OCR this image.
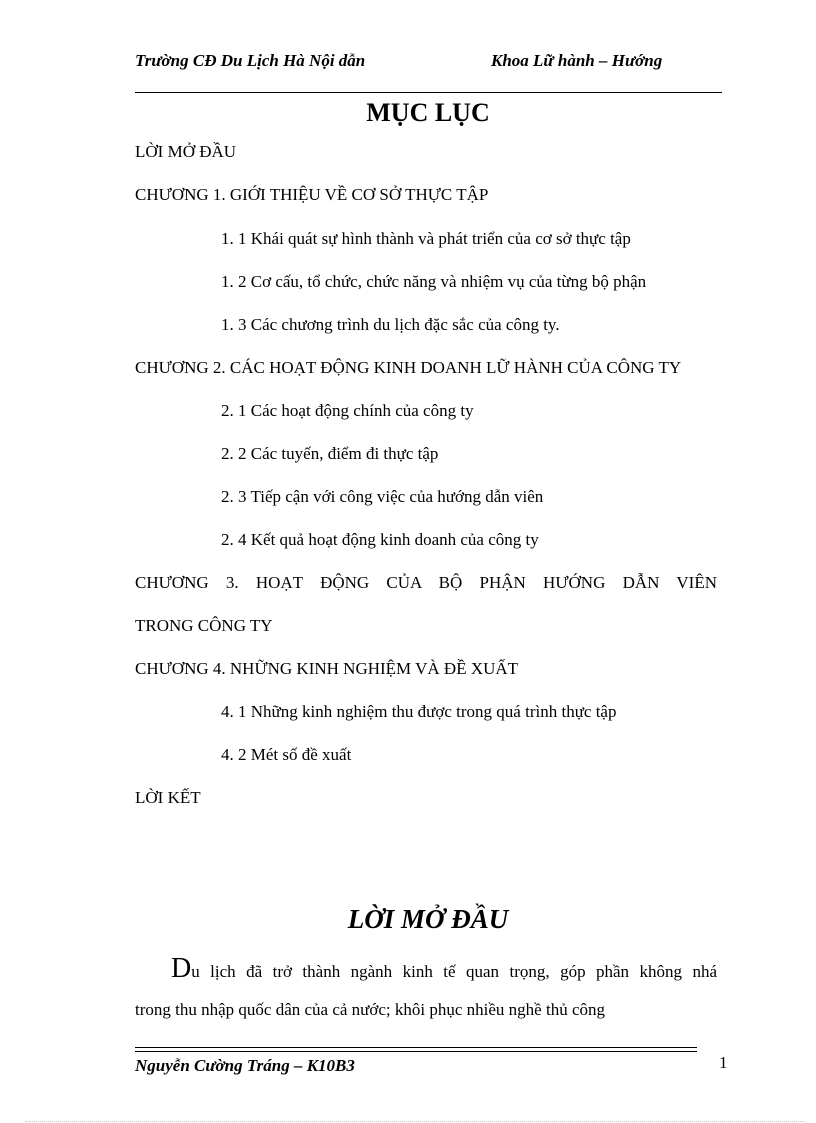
Trường CĐ Du Lịch Hà Nội dẫn	Khoa Lữ hành – Hướng
MỤC LỤC
LỜI MỞ ĐẦU
CHƯƠNG 1. GIỚI THIỆU VỀ CƠ SỞ THỰC TẬP
1. 1 Khái quát sự hình thành và phát triển của cơ sở thực tập
1. 2 Cơ cấu, tổ chức, chức năng và nhiệm vụ của từng bộ phận
1. 3 Các chương trình du lịch đặc sắc của công ty.
CHƯƠNG 2. CÁC HOẠT ĐỘNG KINH DOANH LỮ HÀNH CỦA CÔNG TY
2. 1 Các hoạt động chính của công ty
2. 2 Các tuyến, điểm đi thực tập
2. 3 Tiếp cận với công việc của hướng dẫn viên
2. 4 Kết quả hoạt động kinh doanh của công ty
CHƯƠNG 3. HOẠT ĐỘNG CỦA BỘ PHẬN HƯỚNG DẪN VIÊN
TRONG CÔNG TY
CHƯƠNG 4. NHỮNG KINH NGHIỆM VÀ ĐỀ XUẤT
4. 1 Những kinh nghiệm thu được trong quá trình thực tập
4. 2 Mét số đề xuất
LỜI KẾT
LỜI MỞ ĐẦU
Du lịch đã trở thành ngành kinh tế quan trọng, góp phần không nhá
trong thu nhập quốc dân của cả nước; khôi phục nhiều nghề thủ công
Nguyễn Cường Tráng – K10B3	1
